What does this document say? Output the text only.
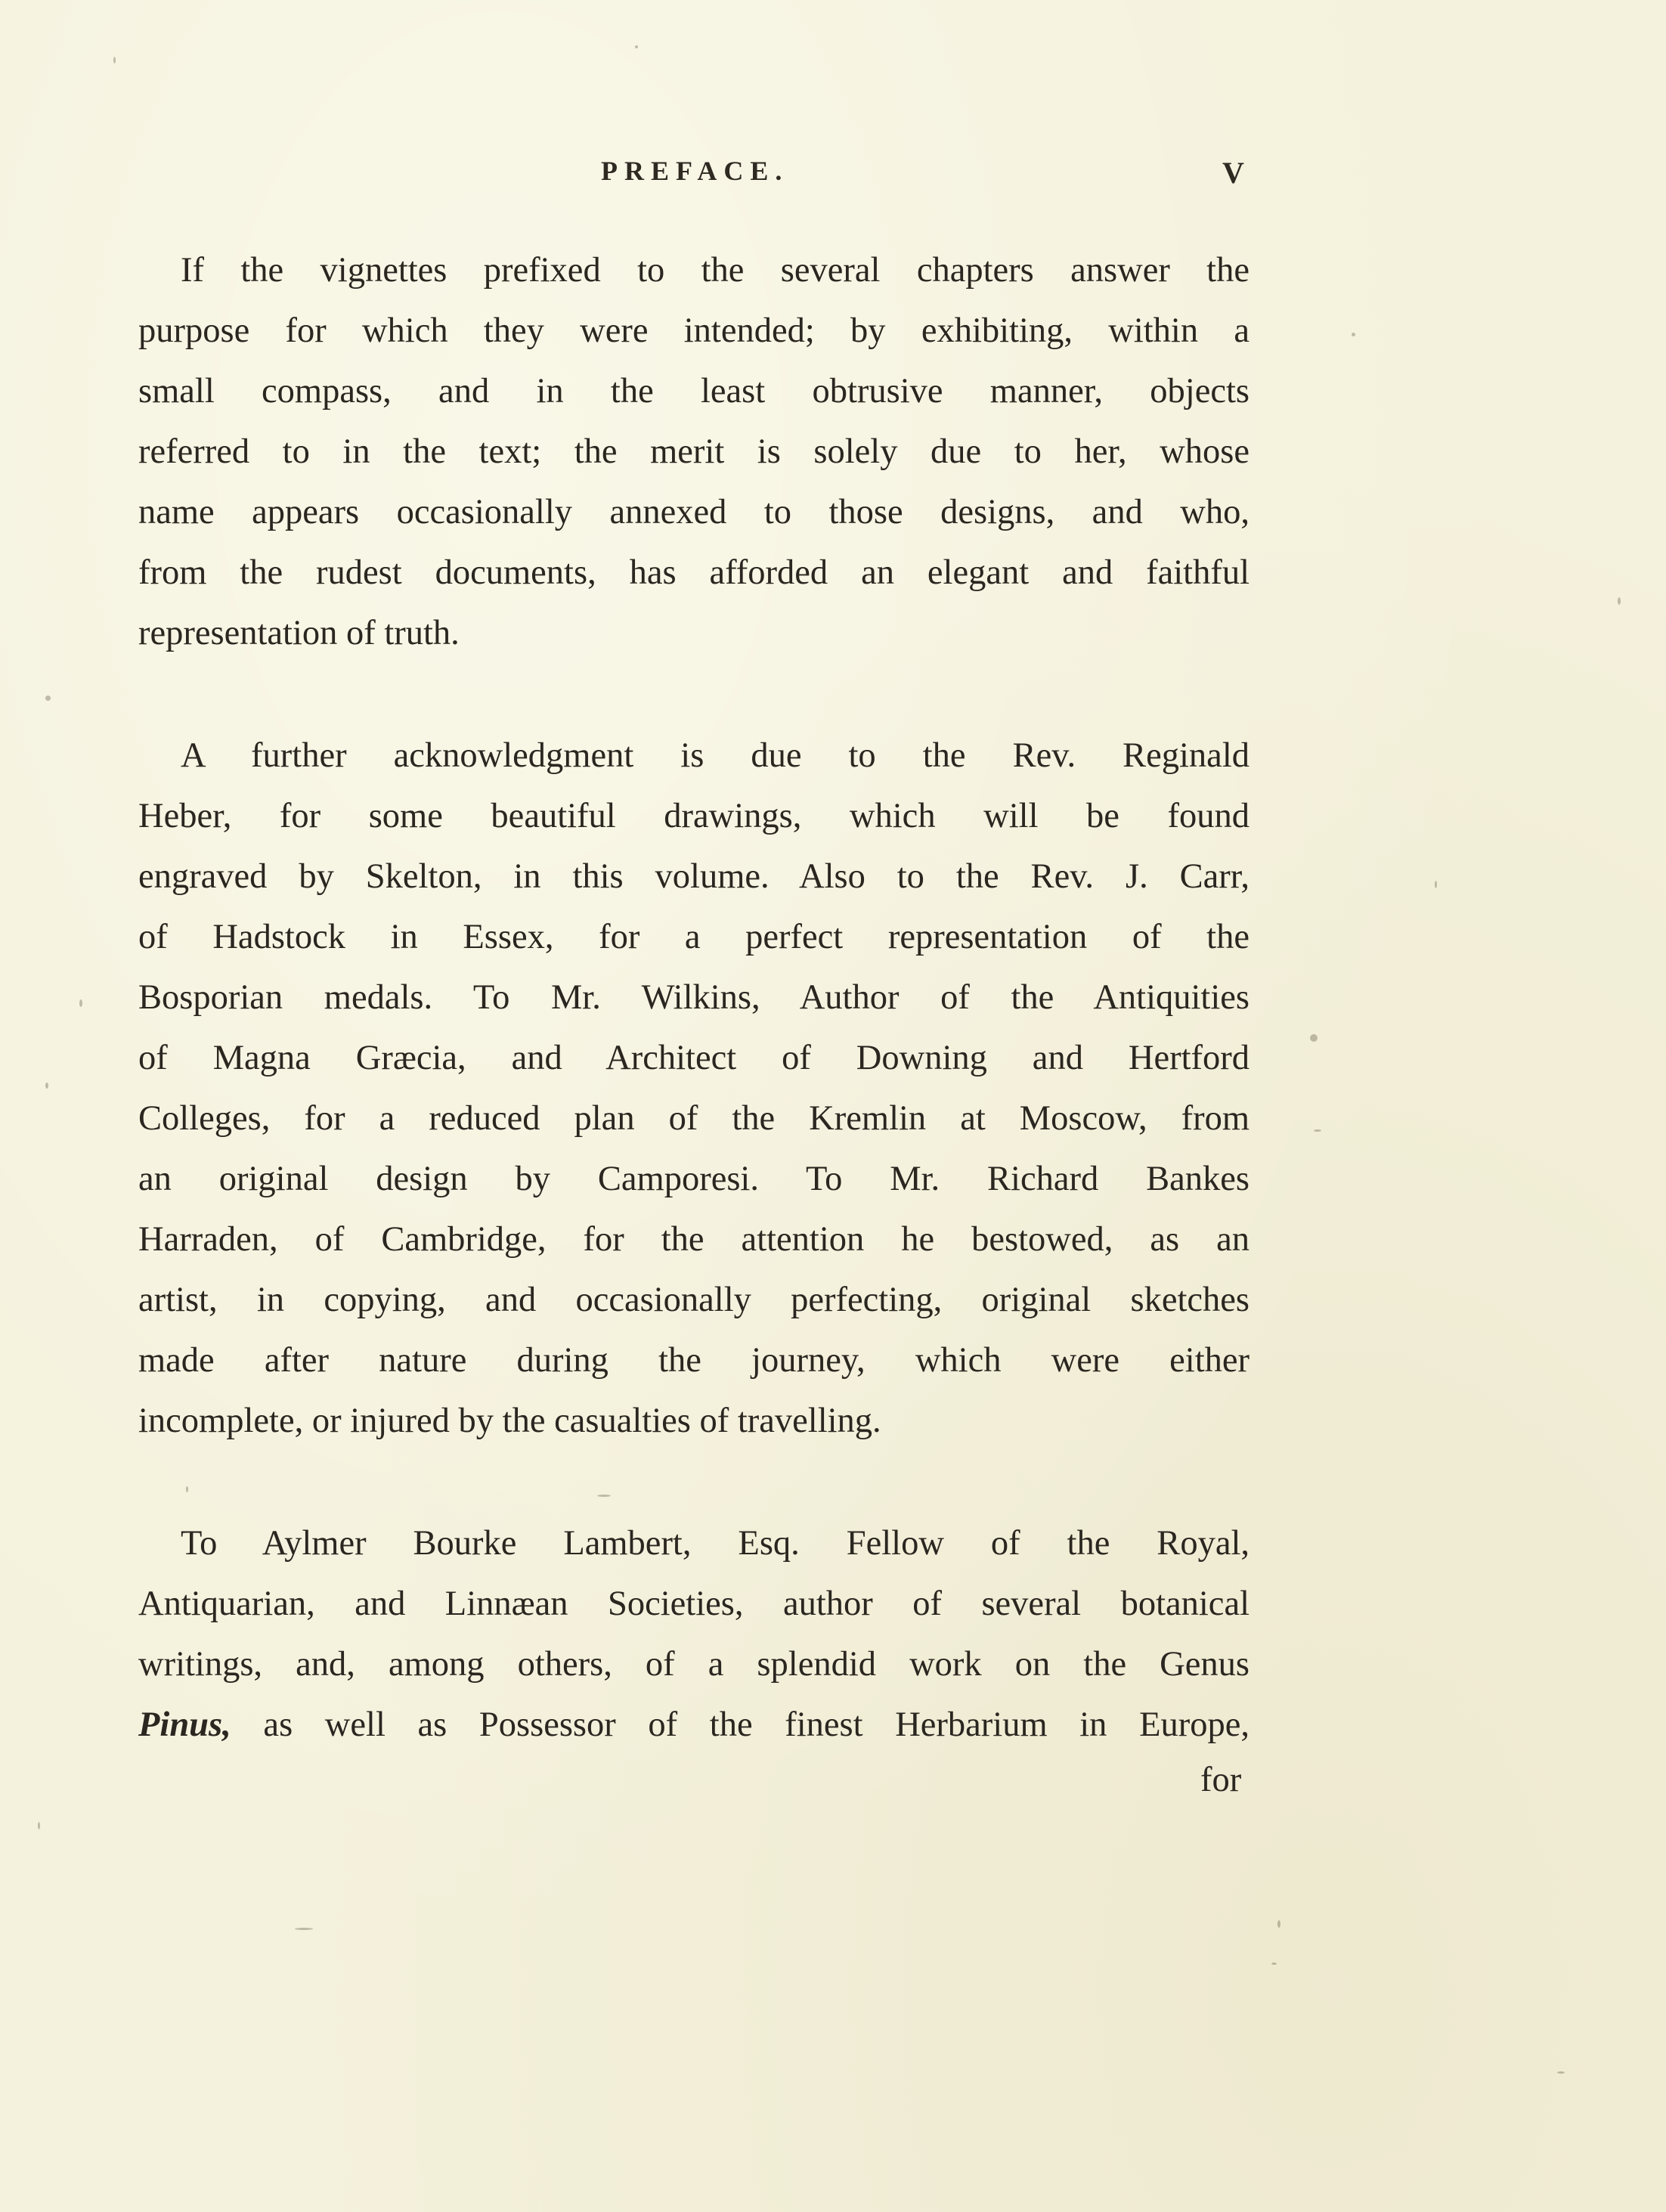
PREFACE.	V

If the vignettes prefixed to the several chapters answer the
purpose for which they were intended; by exhibiting, within a
small compass, and in the least obtrusive manner, objects
referred to in the text; the merit is solely due to her, whose
name appears occasionally annexed to those designs, and who,
from the rudest documents, has afforded an elegant and faithful
representation of truth.

A further acknowledgment is due to the Rev. Reginald
Heber, for some beautiful drawings, which will be found
engraved by Skelton, in this volume. Also to the Rev. J. Carr,
of Hadstock in Essex, for a perfect representation of the
Bosporian medals. To Mr. Wilkins, Author of the Antiquities
of Magna Græcia, and Architect of Downing and Hertford
Colleges, for a reduced plan of the Kremlin at Moscow, from
an original design by Camporesi. To Mr. Richard Bankes
Harraden, of Cambridge, for the attention he bestowed, as an
artist, in copying, and occasionally perfecting, original sketches
made after nature during the journey, which were either
incomplete, or injured by the casualties of travelling.

To Aylmer Bourke Lambert, Esq. Fellow of the Royal,
Antiquarian, and Linnæan Societies, author of several botanical
writings, and, among others, of a splendid work on the Genus
Pinus, as well as Possessor of the finest Herbarium in Europe,

for
